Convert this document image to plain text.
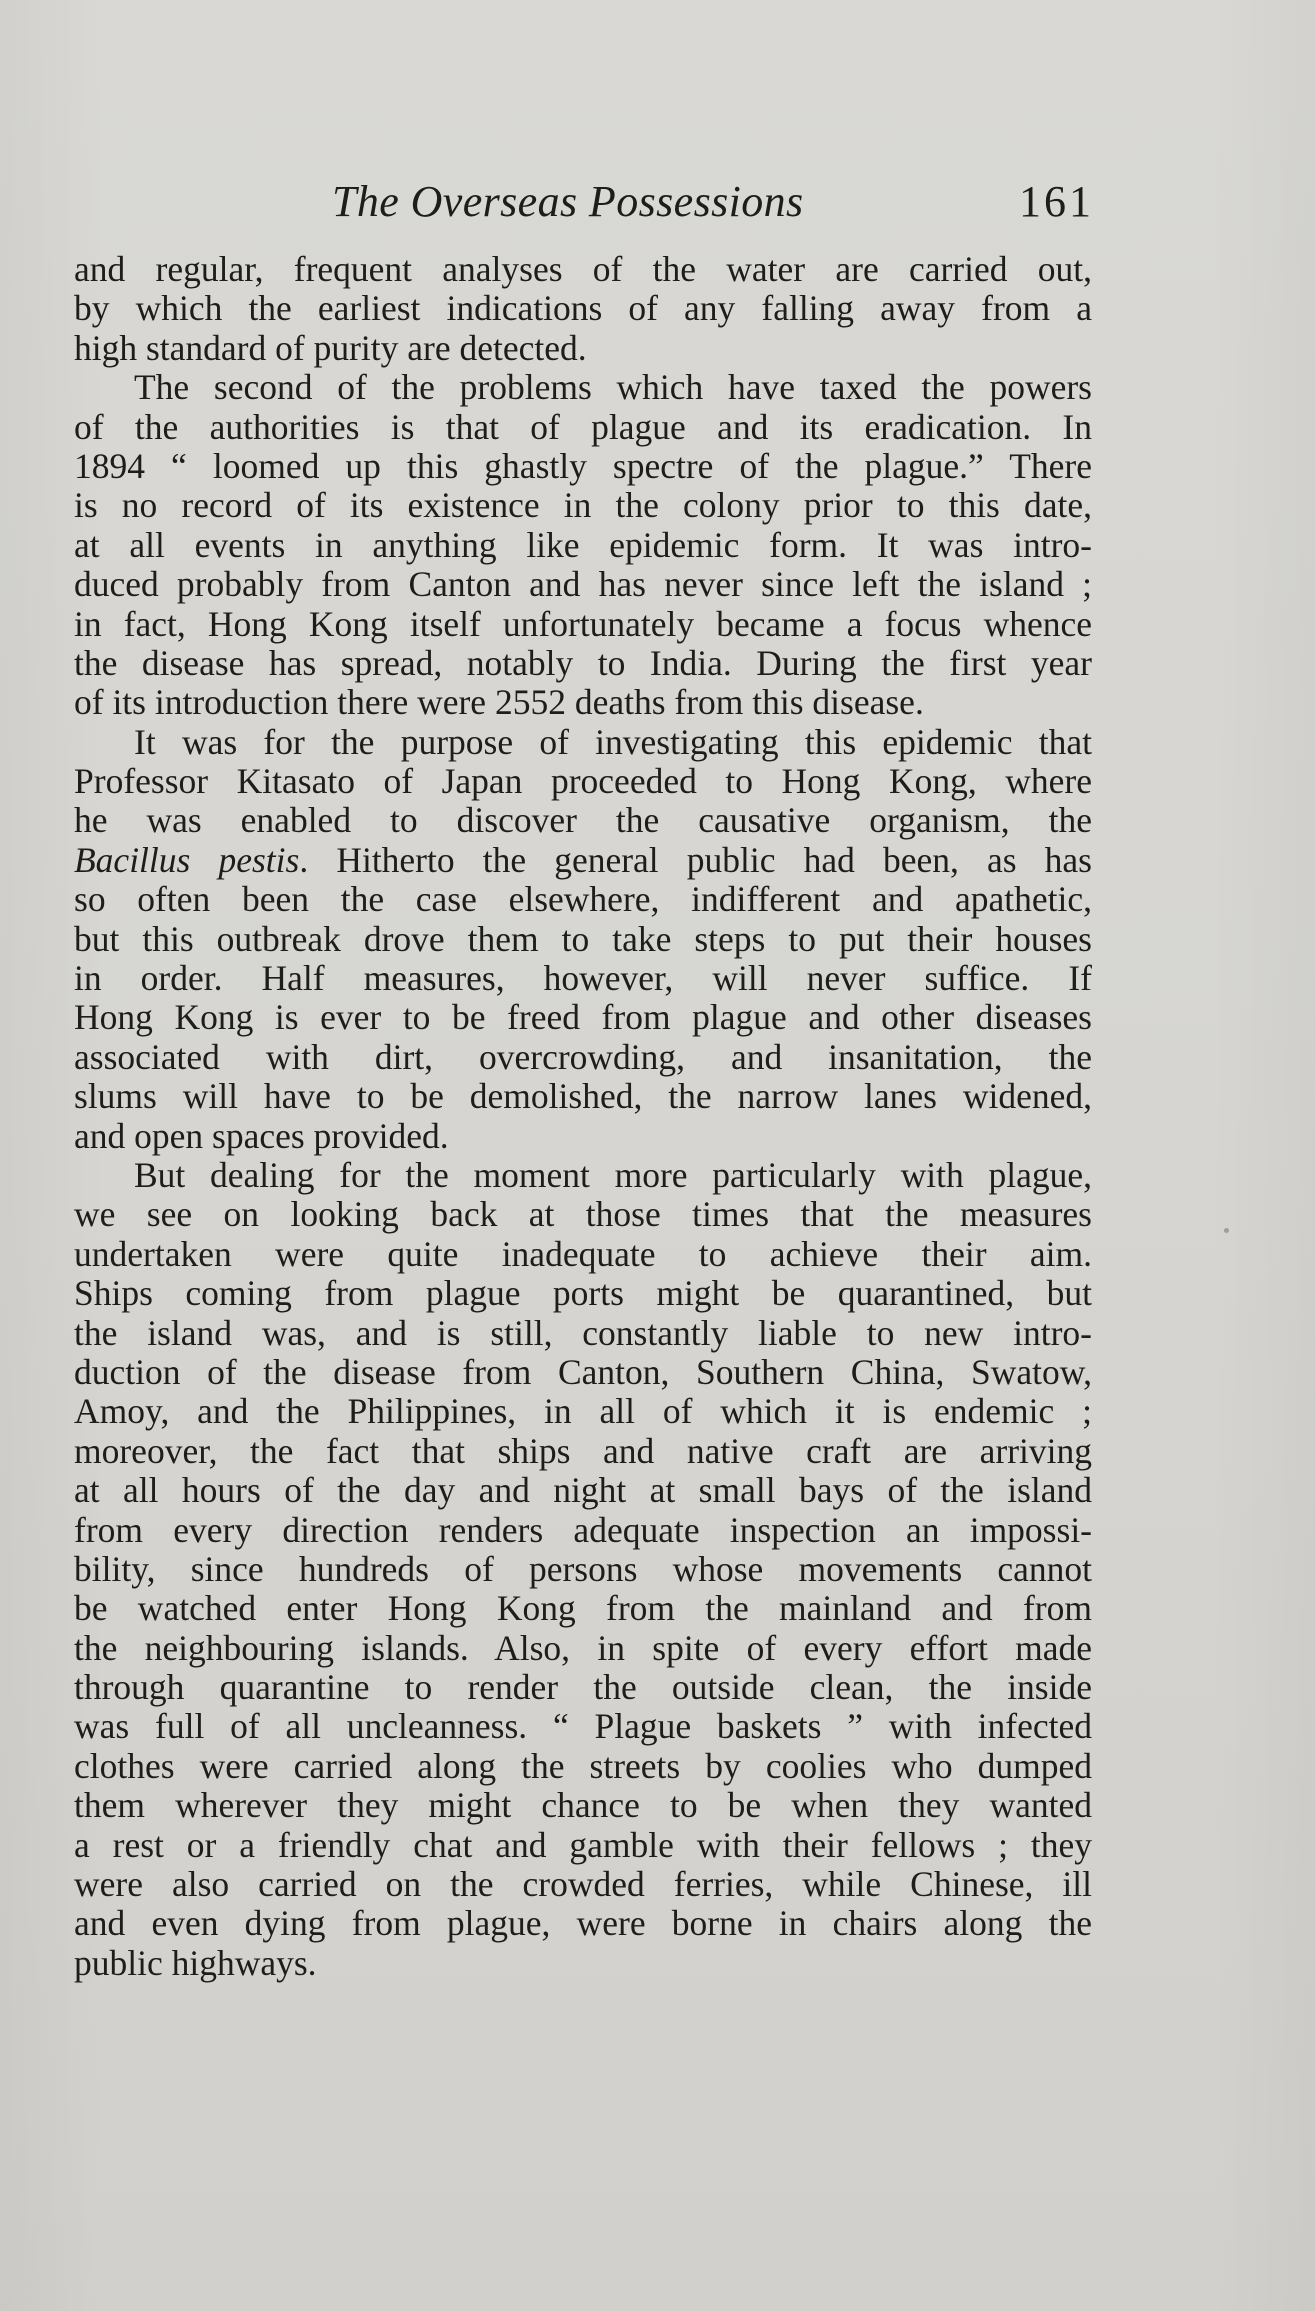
The Overseas Possessions	161
and regular, frequent analyses of the water are carried out,
by which the earliest indications of any falling away from a
high standard of purity are detected.
The second of the problems which have taxed the powers
of the authorities is that of plague and its eradication. In
1894 “ loomed up this ghastly spectre of the plague.” There
is no record of its existence in the colony prior to this date,
at all events in anything like epidemic form. It was intro-
duced probably from Canton and has never since left the island ;
in fact, Hong Kong itself unfortunately became a focus whence
the disease has spread, notably to India. During the first year
of its introduction there were 2552 deaths from this disease.
It was for the purpose of investigating this epidemic that
Professor Kitasato of Japan proceeded to Hong Kong, where
he was enabled to discover the causative organism, the
Bacillus pestis. Hitherto the general public had been, as has
so often been the case elsewhere, indifferent and apathetic,
but this outbreak drove them to take steps to put their houses
in order. Half measures, however, will never suffice. If
Hong Kong is ever to be freed from plague and other diseases
associated with dirt, overcrowding, and insanitation, the
slums will have to be demolished, the narrow lanes widened,
and open spaces provided.
But dealing for the moment more particularly with plague,
we see on looking back at those times that the measures
undertaken were quite inadequate to achieve their aim.
Ships coming from plague ports might be quarantined, but
the island was, and is still, constantly liable to new intro-
duction of the disease from Canton, Southern China, Swatow,
Amoy, and the Philippines, in all of which it is endemic ;
moreover, the fact that ships and native craft are arriving
at all hours of the day and night at small bays of the island
from every direction renders adequate inspection an impossi-
bility, since hundreds of persons whose movements cannot
be watched enter Hong Kong from the mainland and from
the neighbouring islands. Also, in spite of every effort made
through quarantine to render the outside clean, the inside
was full of all uncleanness. “ Plague baskets ” with infected
clothes were carried along the streets by coolies who dumped
them wherever they might chance to be when they wanted
a rest or a friendly chat and gamble with their fellows ; they
were also carried on the crowded ferries, while Chinese, ill
and even dying from plague, were borne in chairs along the
public highways.
